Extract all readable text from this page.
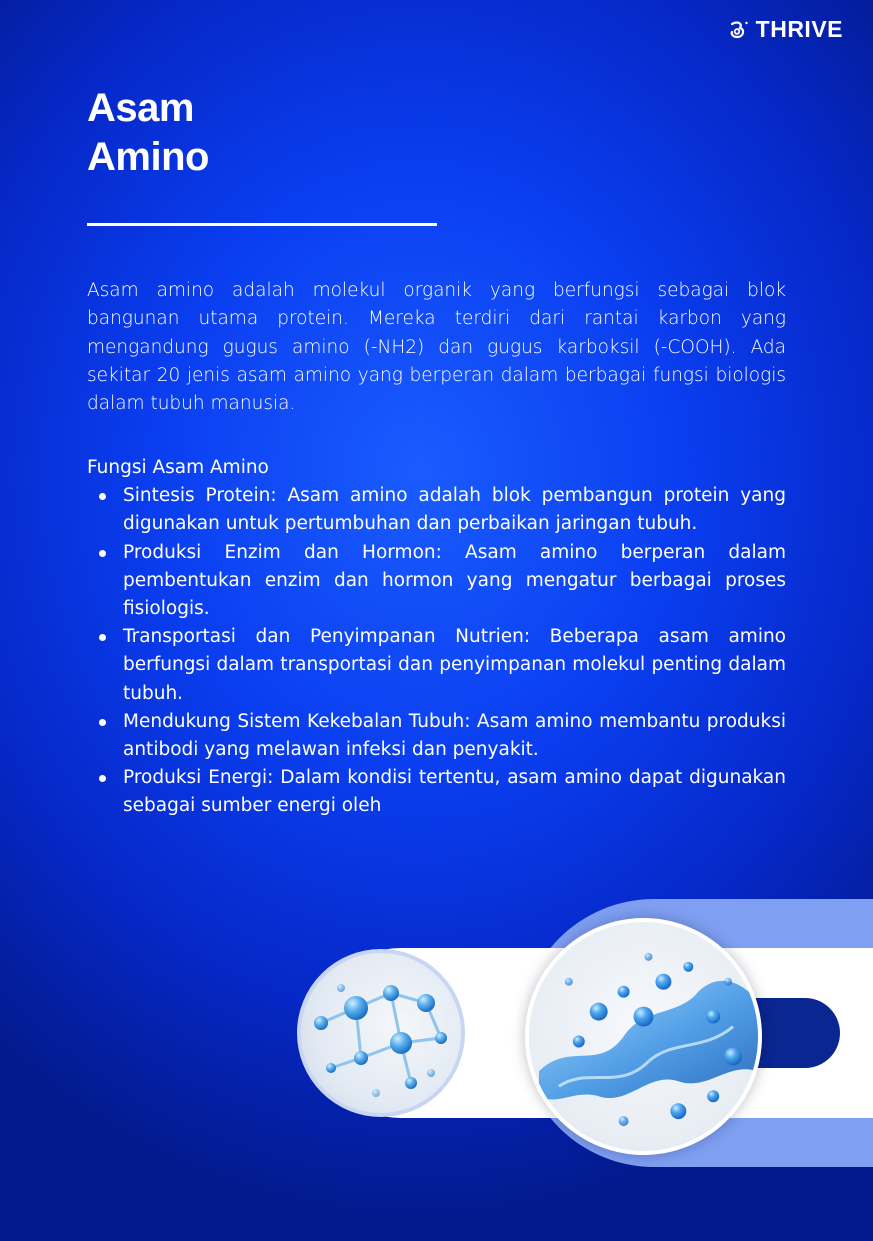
THRIVE
Asam
Amino

Asam amino adalah molekul organik yang berfungsi sebagai blok bangunan utama protein. Mereka terdiri dari rantai karbon yang mengandung gugus amino (-NH2) dan gugus karboksil (-COOH). Ada sekitar 20 jenis asam amino yang berperan dalam berbagai fungsi biologis dalam tubuh manusia.

Fungsi Asam Amino

Sintesis Protein: Asam amino adalah blok pembangun protein yang digunakan untuk pertumbuhan dan perbaikan jaringan tubuh.
Produksi Enzim dan Hormon: Asam amino berperan dalam pembentukan enzim dan hormon yang mengatur berbagai proses fisiologis.
Transportasi dan Penyimpanan Nutrien: Beberapa asam amino berfungsi dalam transportasi dan penyimpanan molekul penting dalam tubuh.
Mendukung Sistem Kekebalan Tubuh: Asam amino membantu produksi antibodi yang melawan infeksi dan penyakit.
Produksi Energi: Dalam kondisi tertentu, asam amino dapat digunakan sebagai sumber energi oleh
